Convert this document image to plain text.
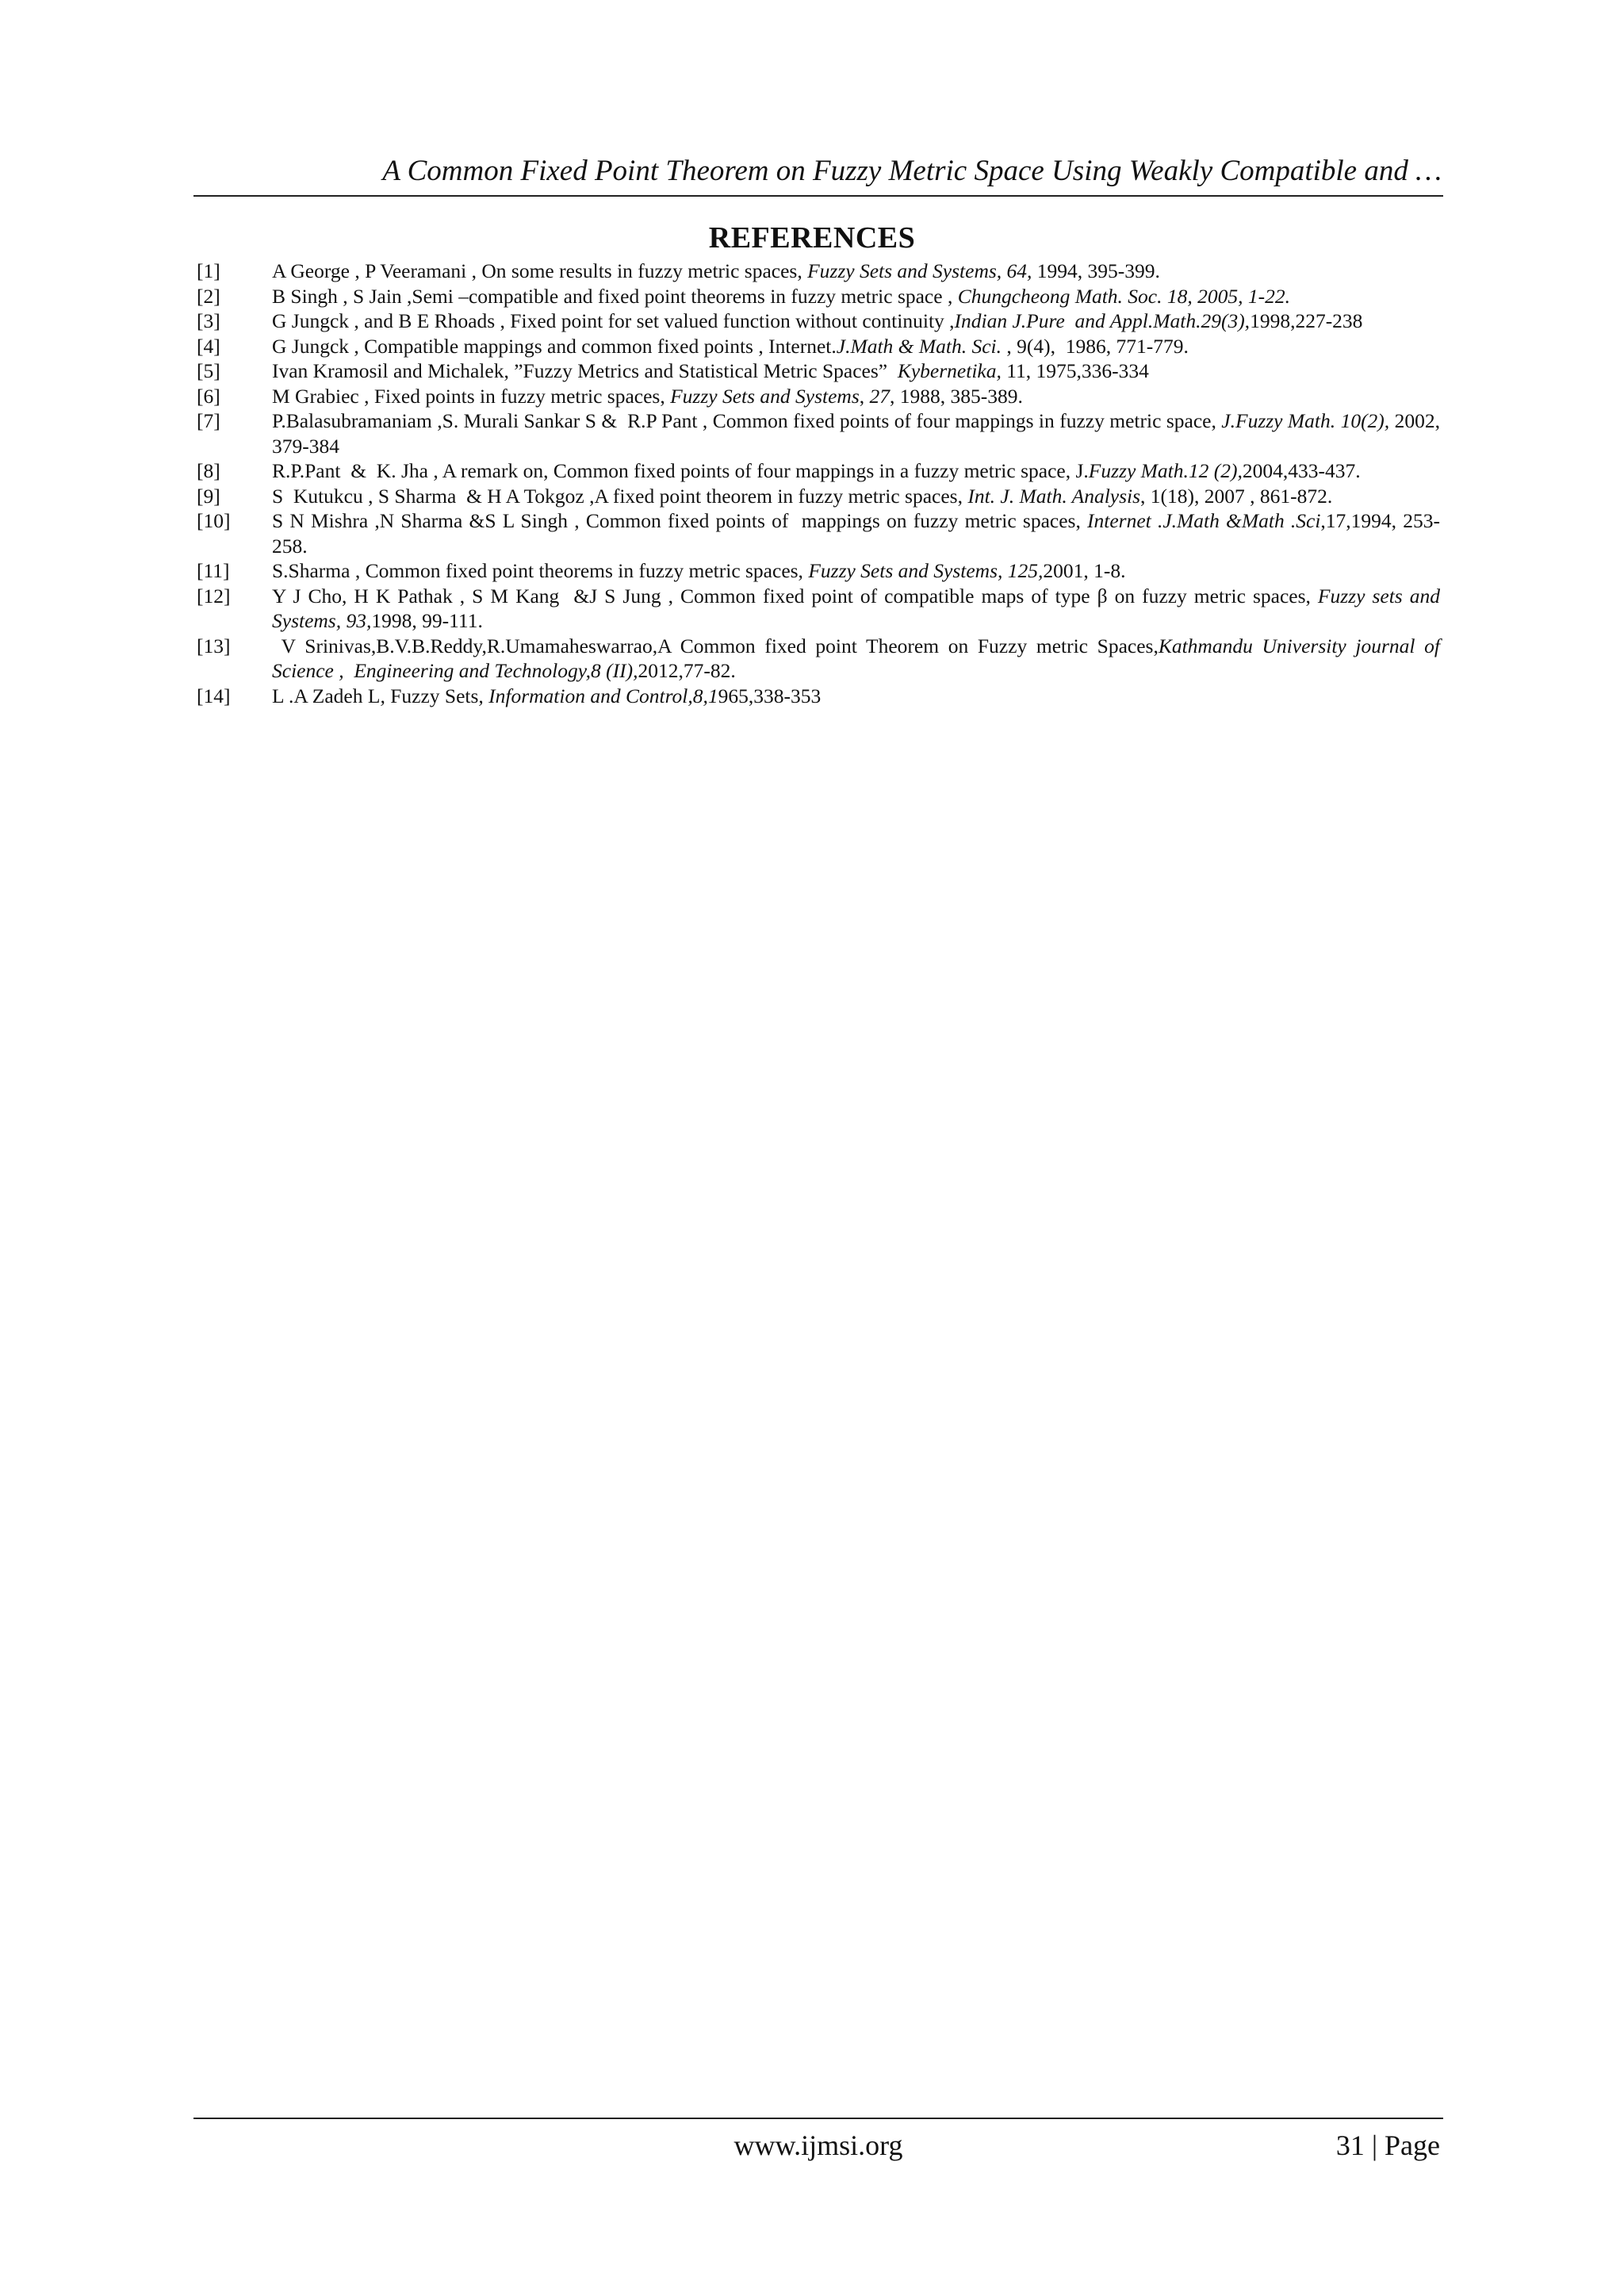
A Common Fixed Point Theorem on Fuzzy Metric Space Using Weakly Compatible and …
REFERENCES
[1]	A George , P Veeramani , On some results in fuzzy metric spaces, Fuzzy Sets and Systems, 64, 1994, 395-399.
[2]	B Singh , S Jain ,Semi –compatible and fixed point theorems in fuzzy metric space , Chungcheong Math. Soc. 18, 2005, 1-22.
[3]	G Jungck , and B E Rhoads , Fixed point for set valued function without continuity ,Indian J.Pure  and Appl.Math.29(3),1998,227-238
[4]	G Jungck , Compatible mappings and common fixed points , Internet.J.Math & Math. Sci. , 9(4),  1986, 771-779.
[5]	Ivan Kramosil and Michalek, ”Fuzzy Metrics and Statistical Metric Spaces”  Kybernetika, 11, 1975,336-334
[6]	M Grabiec , Fixed points in fuzzy metric spaces, Fuzzy Sets and Systems, 27, 1988, 385-389.
[7]	P.Balasubramaniam ,S. Murali Sankar S &  R.P Pant , Common fixed points of four mappings in fuzzy metric space, J.Fuzzy Math. 10(2), 2002, 379-384
[8]	R.P.Pant  &  K. Jha , A remark on, Common fixed points of four mappings in a fuzzy metric space, J.Fuzzy Math.12 (2),2004,433-437.
[9]	S  Kutukcu , S Sharma  & H A Tokgoz ,A fixed point theorem in fuzzy metric spaces, Int. J. Math. Analysis, 1(18), 2007 , 861-872.
[10] S N Mishra ,N Sharma &S L Singh , Common fixed points of  mappings on fuzzy metric spaces, Internet .J.Math &Math .Sci,17,1994, 253-258.
[11] S.Sharma , Common fixed point theorems in fuzzy metric spaces, Fuzzy Sets and Systems, 125,2001, 1-8.
[12] Y J Cho, H K Pathak , S M Kang  &J S Jung , Common fixed point of compatible maps of type β on fuzzy metric spaces, Fuzzy sets and  Systems, 93,1998, 99-111.
[13] V Srinivas,B.V.B.Reddy,R.Umamaheswarrao,A Common fixed point Theorem on Fuzzy metric Spaces,Kathmandu University journal of  Science ,  Engineering and Technology,8 (II),2012,77-82.
[14] L .A Zadeh L, Fuzzy Sets, Information and Control,8,1965,338-353
www.ijmsi.org	31 | Page
